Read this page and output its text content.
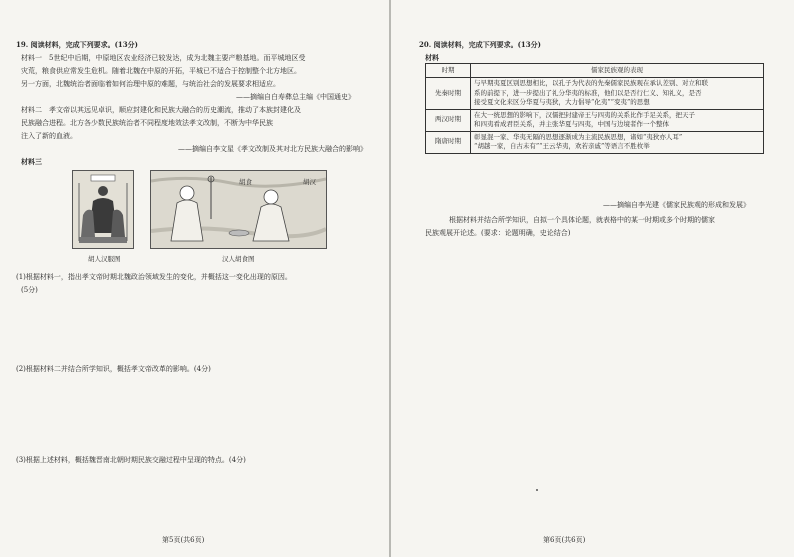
19. 阅读材料，完成下列要求。(13分)
材料一　5世纪中后期，中原地区农业经济已较发达，成为北魏主要产粮基地。而平城地区受
灾荒，粮食供应常发生危机。随着北魏在中原的开拓，平城已不适合于控制整个北方地区。
另一方面，北魏统治者面临着如何治理中原的难题，与统治社会的发展要求相适应。
——摘编自白寿彝总主编《中国通史》
材料二　孝文帝以其远见卓识，顺应封建化和民族大融合的历史潮流，推动了本族封建化及
民族融合进程。北方各少数民族统治者不同程度地效法孝文改制，不断为中华民族
注入了新的血液。
——摘编自李文星《孝文改制及其对北方民族大融合的影响》
材料三
胡人汉服图
胡食	胡汉
汉人胡食图
(1)根据材料一，指出孝文帝时期北魏政治领域发生的变化，并概括这一变化出现的原因。
(5分)
(2)根据材料二并结合所学知识，概括孝文帝改革的影响。(4分)
(3)根据上述材料，概括魏晋南北朝时期民族交融过程中呈现的特点。(4分)
第5页(共6页)
20. 阅读材料，完成下列要求。(13分)
材料
时期	儒家民族观的表现
先秦时期	与早期夷夏区别思想相比，以孔子为代表的先秦儒家民族观在承认差别、对立和联
系的前提下，进一步提出了礼分华夷的标准，他们以是否行仁义、知礼义，是否
接受夏文化来区分华夏与夷狄，大力倡导“化夷”“变夷”的思想

两汉时期	在大一统思想的影响下，汉儒把封建帝王与四夷的关系比作手足关系，把天子
和四夷看成君臣关系，并主张华夏与四夷，中国与边境者作一个整体

隋唐时期	彰显混一家、华夷无隔的思想逐渐成为主流民族思想，诸如“夷狄亦人耳”
“胡越一家，自古未有”“王云华夷，欢若亲戚”等语言不胜枚举
——摘编自李光建《儒家民族观的形成和发展》
根据材料并结合所学知识，自拟一个具体论题，就表格中的某一时期或多个时期的儒家
民族观展开论述。(要求：论题明确，史论结合)
第6页(共6页)
